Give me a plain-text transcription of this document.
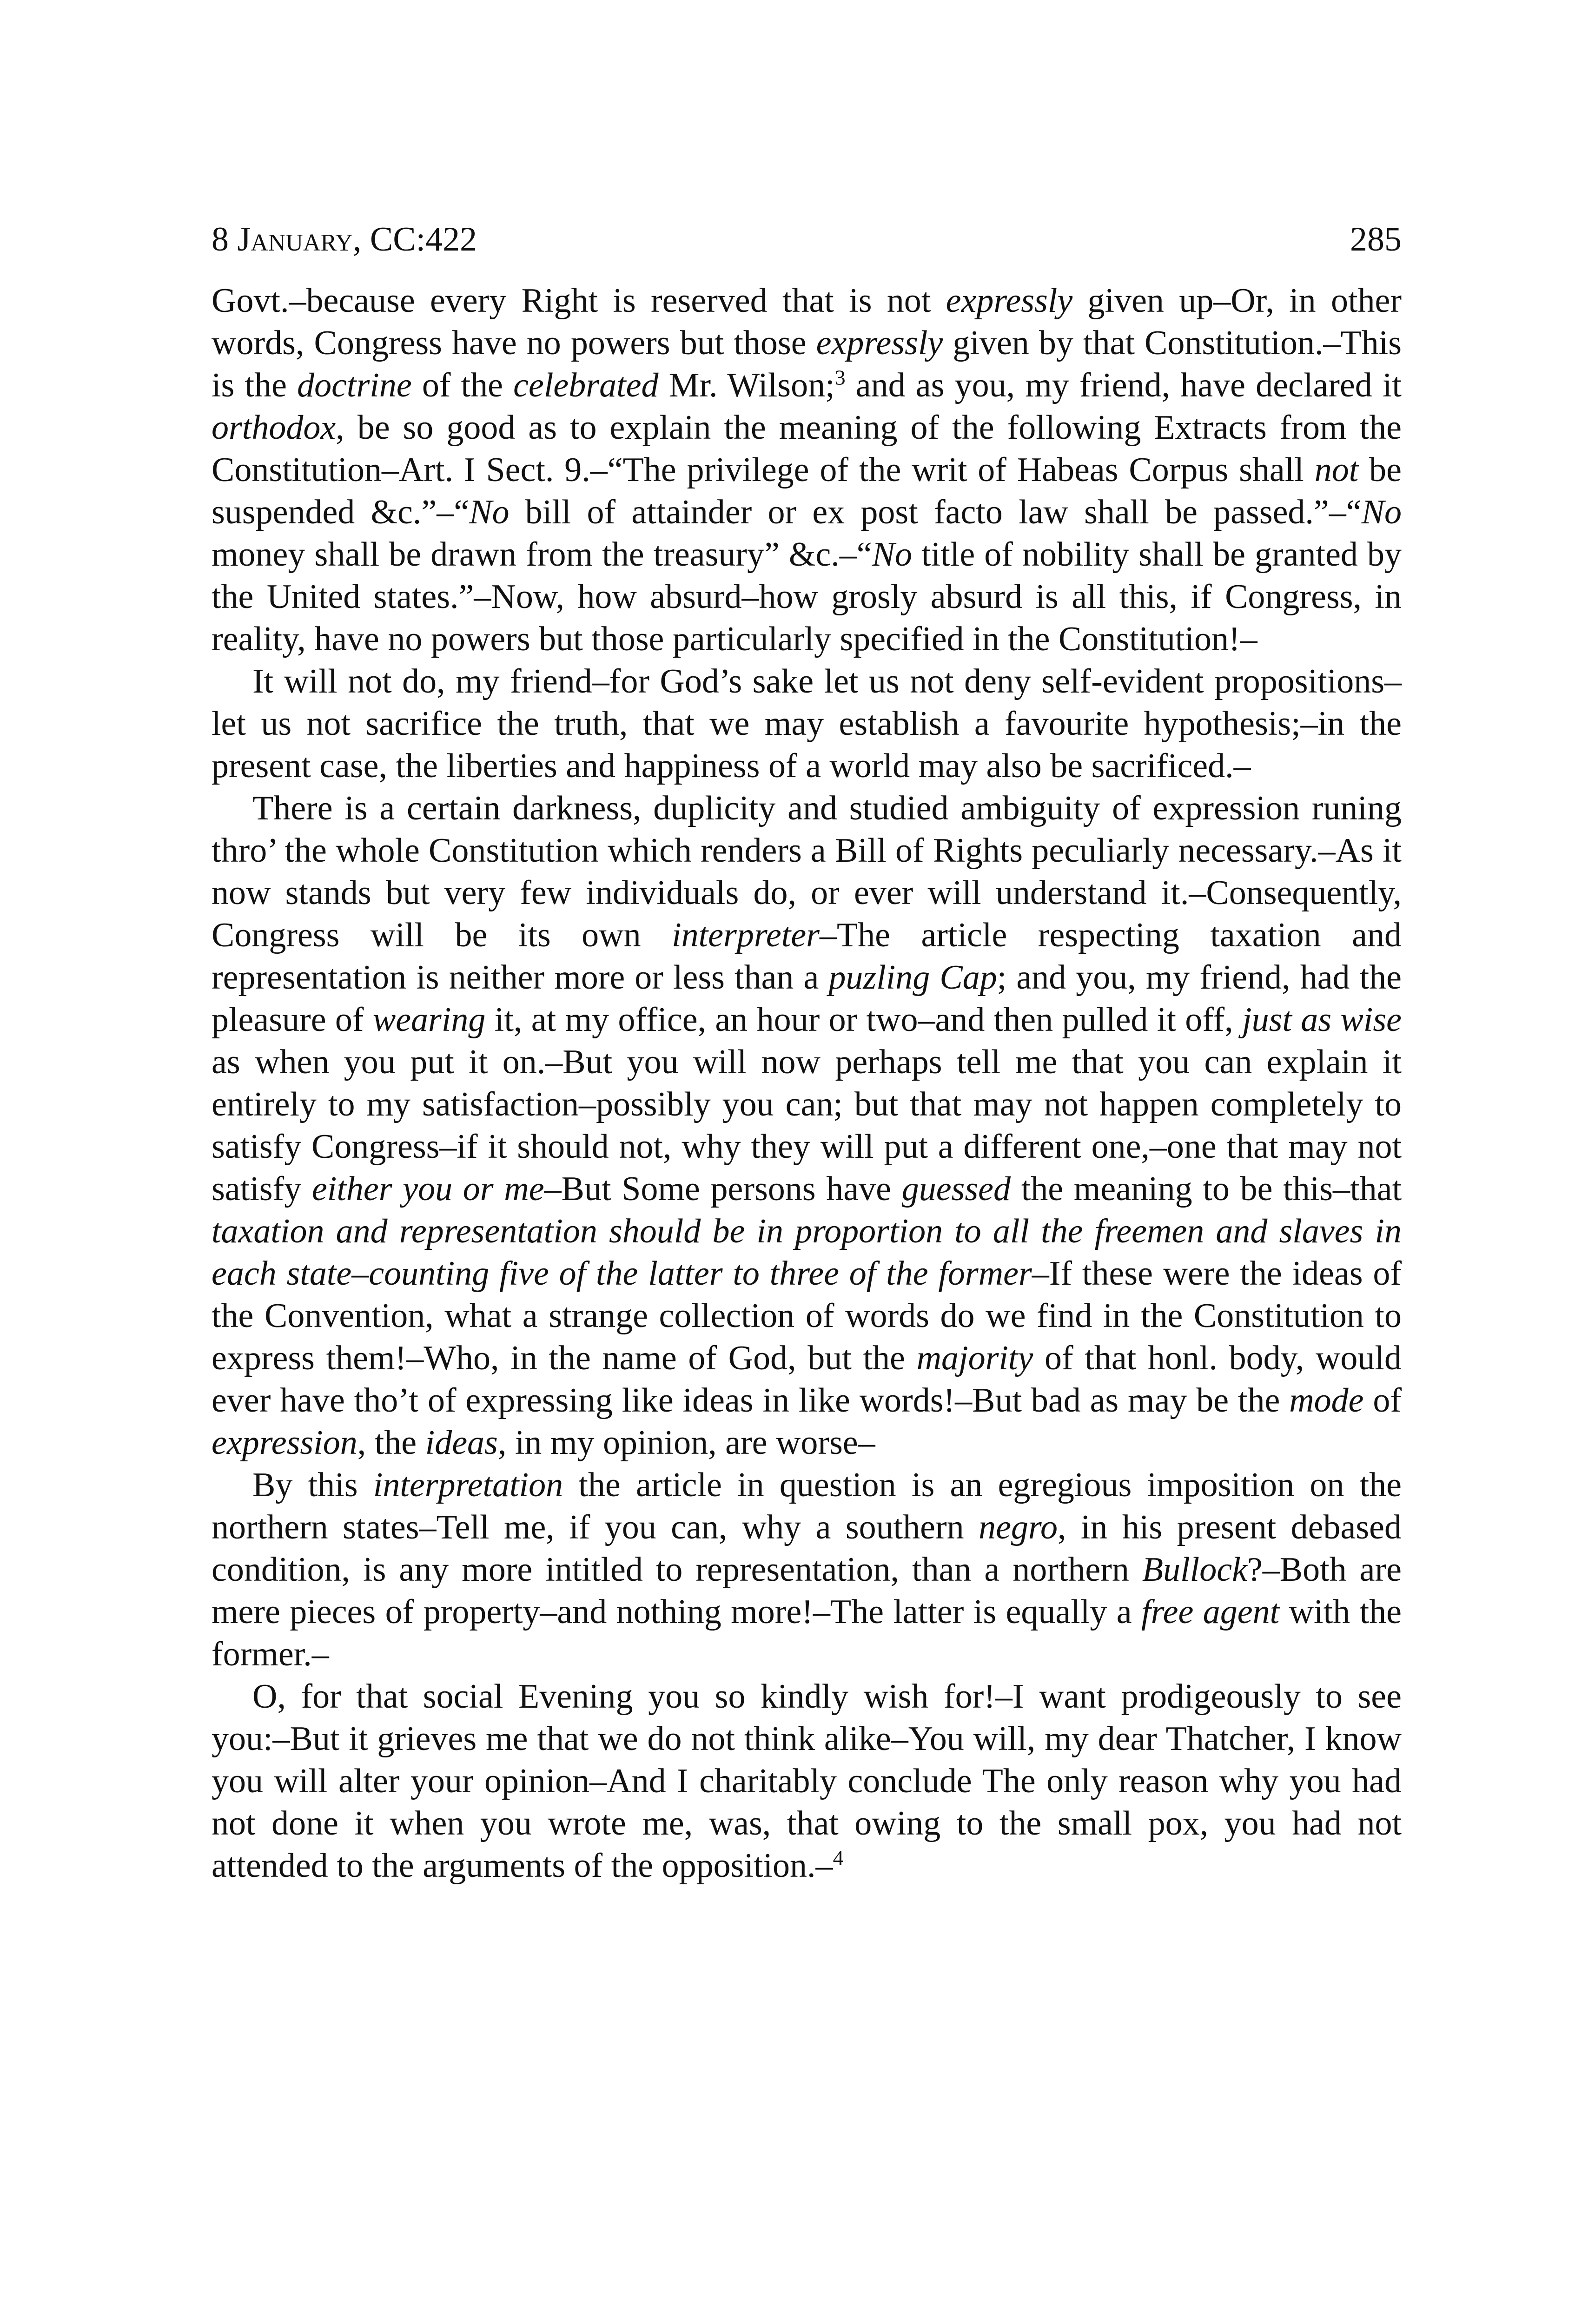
8 January, CC:422	285

Govt.–because every Right is reserved that is not expressly given up–Or, in other words, Congress have no powers but those expressly given by that Constitution.–This is the doctrine of the celebrated Mr. Wilson;$^3$ and as you, my friend, have declared it orthodox, be so good as to explain the meaning of the following Extracts from the Constitution–Art. I Sect. 9.–“The privilege of the writ of Habeas Corpus shall not be suspended &c.”–“No bill of attainder or ex post facto law shall be passed.”–“No money shall be drawn from the treasury” &c.–“No title of nobility shall be granted by the United states.”–Now, how absurd–how grosly absurd is all this, if Congress, in reality, have no powers but those particularly specified in the Constitution!–

It will not do, my friend–for God’s sake let us not deny self-evident propositions–let us not sacrifice the truth, that we may establish a favourite hypothesis;–in the present case, the liberties and happiness of a world may also be sacrificed.–

There is a certain darkness, duplicity and studied ambiguity of expression runing thro’ the whole Constitution which renders a Bill of Rights peculiarly necessary.–As it now stands but very few individuals do, or ever will understand it.–Consequently, Congress will be its own interpreter–The article respecting taxation and representation is neither more or less than a puzling Cap; and you, my friend, had the pleasure of wearing it, at my office, an hour or two–and then pulled it off, just as wise as when you put it on.–But you will now perhaps tell me that you can explain it entirely to my satisfaction–possibly you can; but that may not happen completely to satisfy Congress–if it should not, why they will put a different one,–one that may not satisfy either you or me–But Some persons have guessed the meaning to be this–that taxation and representation should be in proportion to all the freemen and slaves in each state–counting five of the latter to three of the former–If these were the ideas of the Convention, what a strange collection of words do we find in the Constitution to express them!–Who, in the name of God, but the majority of that honl. body, would ever have tho’t of expressing like ideas in like words!–But bad as may be the mode of expression, the ideas, in my opinion, are worse–

By this interpretation the article in question is an egregious imposition on the northern states–Tell me, if you can, why a southern negro, in his present debased condition, is any more intitled to representation, than a northern Bullock?–Both are mere pieces of property–and nothing more!–The latter is equally a free agent with the former.–

O, for that social Evening you so kindly wish for!–I want prodigeously to see you:–But it grieves me that we do not think alike–You will, my dear Thatcher, I know you will alter your opinion–And I charitably conclude The only reason why you had not done it when you wrote me, was, that owing to the small pox, you had not attended to the arguments of the opposition.–$^4$
